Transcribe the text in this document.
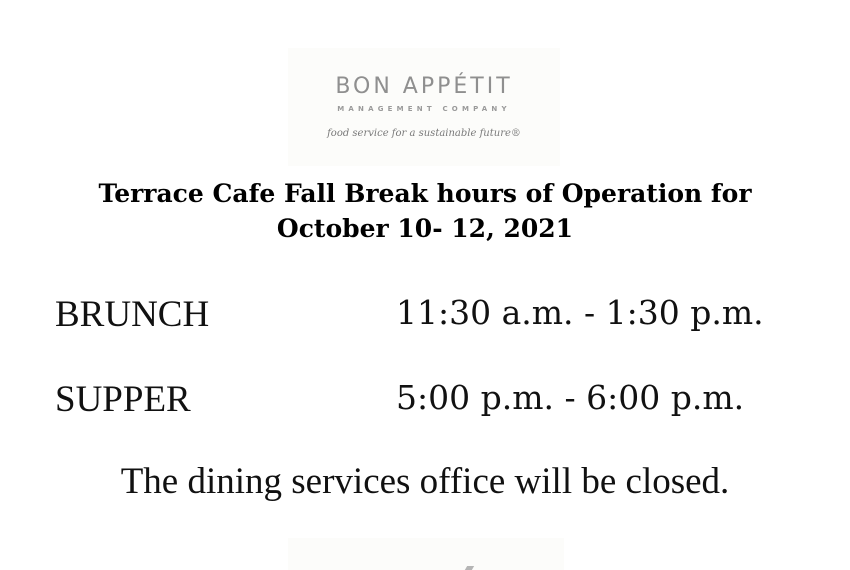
BON APPÉTIT
MANAGEMENT COMPANY
food service for a sustainable future®
Terrace Cafe Fall Break hours of Operation for
October 10- 12, 2021
BRUNCH	11:30 a.m. - 1:30 p.m.
SUPPER	5:00 p.m. - 6:00 p.m.
The dining services office will be closed.
